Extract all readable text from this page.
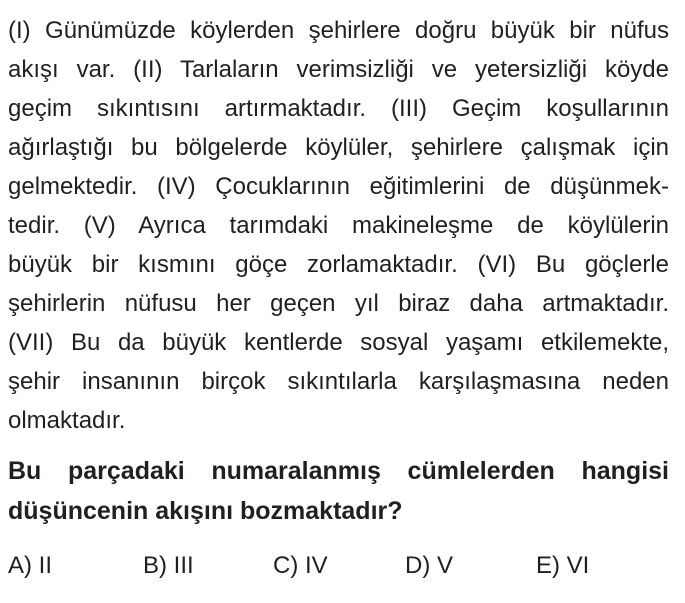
(I) Günümüzde köylerden şehirlere doğru büyük bir nüfus
akışı var. (II) Tarlaların verimsizliği ve yetersizliği köyde
geçim sıkıntısını artırmaktadır. (III) Geçim koşullarının
ağırlaştığı bu bölgelerde köylüler, şehirlere çalışmak için
gelmektedir. (IV) Çocuklarının eğitimlerini de düşünmek-
tedir. (V) Ayrıca tarımdaki makineleşme de köylülerin
büyük bir kısmını göçe zorlamaktadır. (VI) Bu göçlerle
şehirlerin nüfusu her geçen yıl biraz daha artmaktadır.
(VII) Bu da büyük kentlerde sosyal yaşamı etkilemekte,
şehir insanının birçok sıkıntılarla karşılaşmasına neden
olmaktadır.
Bu parçadaki numaralanmış cümlelerden hangisi
düşüncenin akışını bozmaktadır?
A) II	B) III	C) IV	D) V	E) VI
